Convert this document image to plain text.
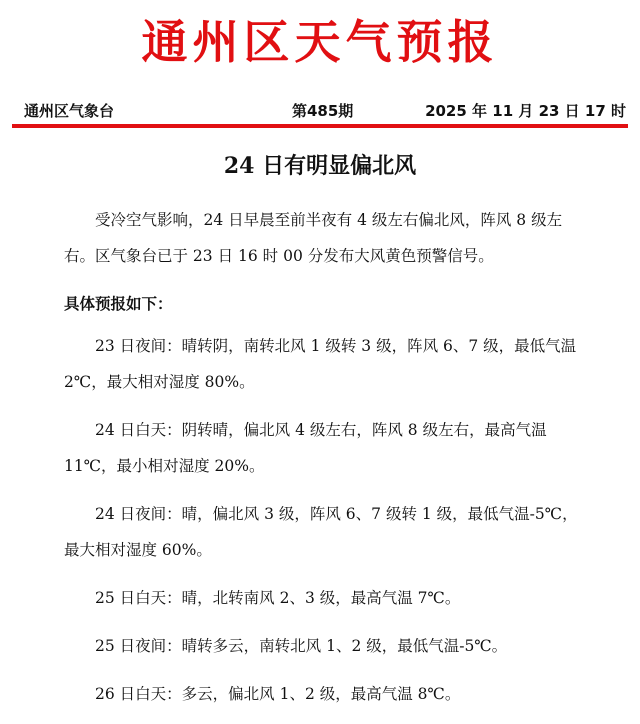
通州区天气预报
通州区气象台	第485期	2025 年 11 月 23 日 17 时
24 日有明显偏北风

受冷空气影响，24 日早晨至前半夜有 4 级左右偏北风，阵风 8 级左右。区气象台已于 23 日 16 时 00 分发布大风黄色预警信号。

具体预报如下：

23 日夜间：晴转阴，南转北风 1 级转 3 级，阵风 6、7 级，最低气温 2℃，最大相对湿度 80%。

24 日白天：阴转晴，偏北风 4 级左右，阵风 8 级左右，最高气温 11℃，最小相对湿度 20%。

24 日夜间：晴，偏北风 3 级，阵风 6、7 级转 1 级，最低气温-5℃，最大相对湿度 60%。

25 日白天：晴，北转南风 2、3 级，最高气温 7℃。

25 日夜间：晴转多云，南转北风 1、2 级，最低气温-5℃。

26 日白天：多云，偏北风 1、2 级，最高气温 8℃。
